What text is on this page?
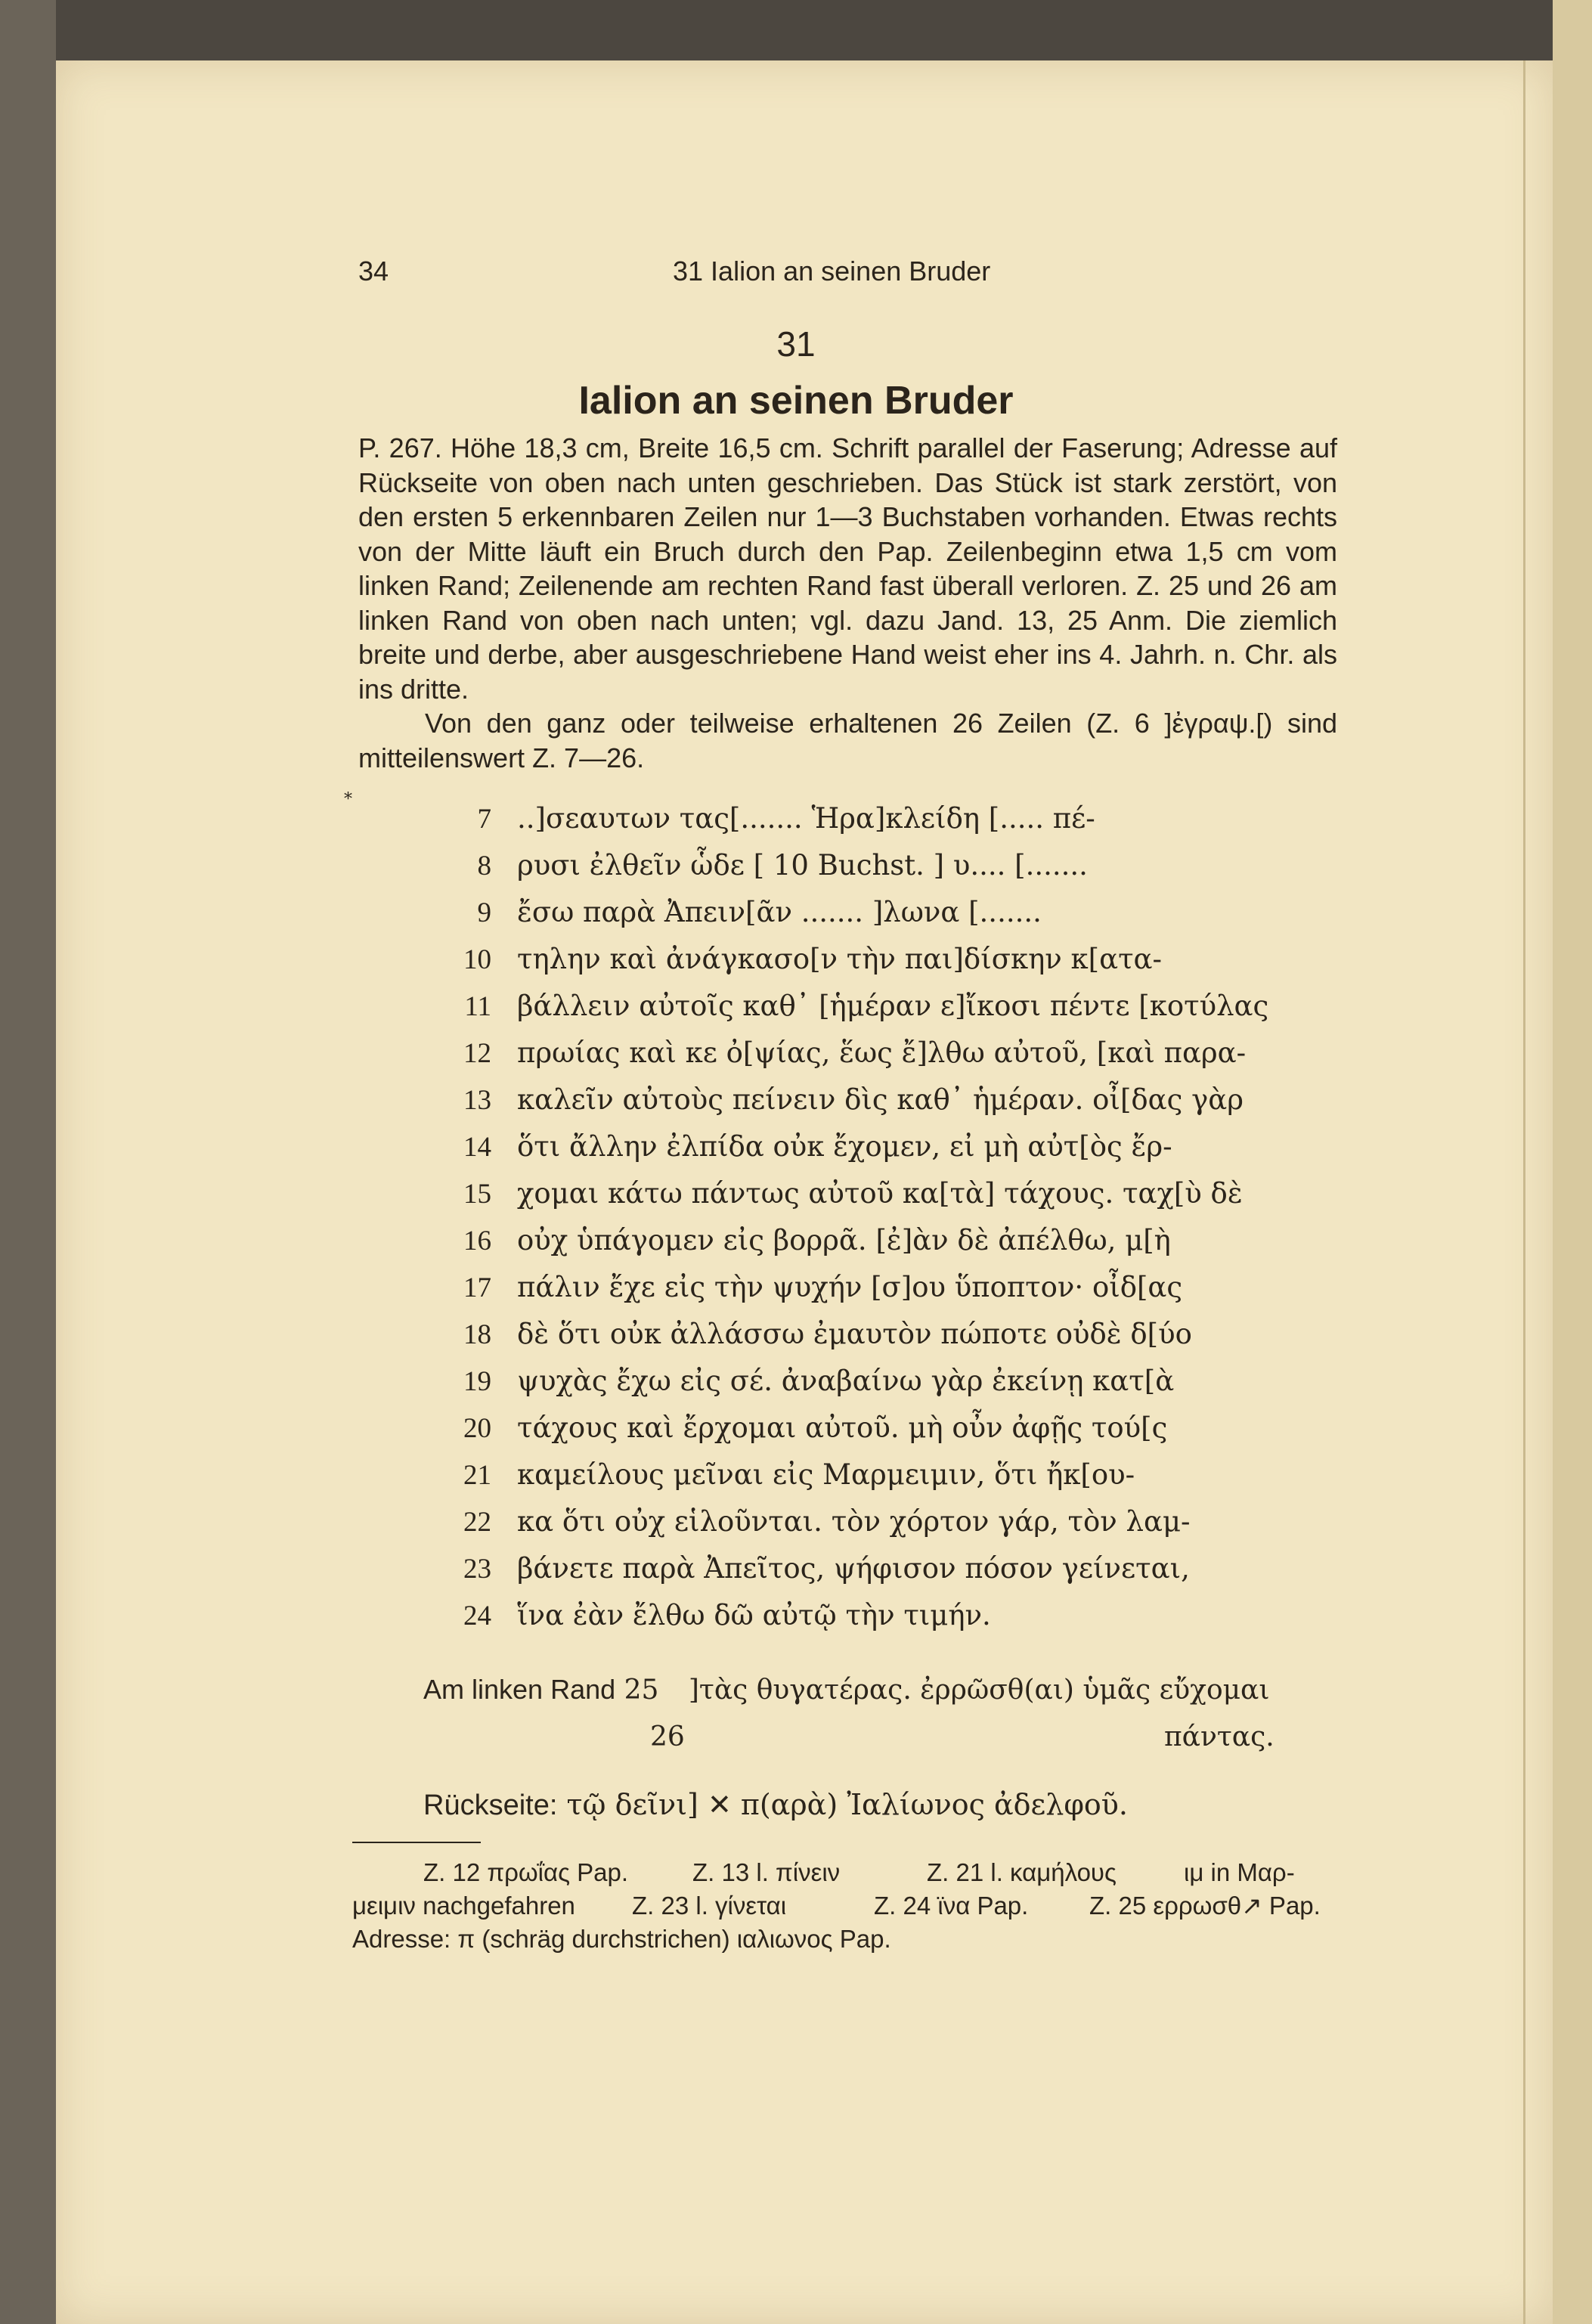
34	31 Ialion an seinen Bruder
31
Ialion an seinen Bruder

P. 267. Höhe 18,3 cm, Breite 16,5 cm. Schrift parallel der Faserung; Adresse auf Rückseite von oben nach unten geschrieben. Das Stück ist stark zerstört, von den ersten 5 erkennbaren Zeilen nur 1—3 Buchstaben vorhanden. Etwas rechts von der Mitte läuft ein Bruch durch den Pap. Zeilenbeginn etwa 1,5 cm vom linken Rand; Zeilenende am rechten Rand fast überall verloren. Z. 25 und 26 am linken Rand von oben nach unten; vgl. dazu Jand. 13, 25 Anm. Die ziemlich breite und derbe, aber ausgeschriebene Hand weist eher ins 4. Jahrh. n. Chr. als ins dritte.

Von den ganz oder teilweise erhaltenen 26 Zeilen (Z. 6 ]ἐγραψ.[) sind mitteilenswert Z. 7—26.

*
7 ..]σεαυτων τας[....... Ἡρα]κλείδη [..... πέ-
8 ρυσι ἐλθεῖν ὧδε [ 10 Buchst. ] υ.... [.......
9 ἔσω παρὰ Ἀπειν[ᾶν ....... ]λωνα [.......
10 τηλην καὶ ἀνάγκασο[ν τὴν παι]δίσκην κ[ατα-
11 βάλλειν αὐτοῖς καθ᾽ [ἡμέραν ε]ἴκοσι πέντε [κοτύλας
12 πρωίας καὶ κε ὀ[ψίας, ἕως ἔ]λθω αὐτοῦ, [καὶ παρα-
13 καλεῖν αὐτοὺς πείνειν δὶς καθ᾽ ἡμέραν. οἶ[δας γὰρ
14 ὅτι ἄλλην ἐλπίδα οὐκ ἔχομεν, εἰ μὴ αὐτ[ὸς ἔρ-
15 χομαι κάτω πάντως αὐτοῦ κα[τὰ] τάχους. ταχ[ὺ δὲ
16 οὐχ ὑπάγομεν εἰς βορρᾶ. [ἐ]ὰν δὲ ἀπέλθω, μ[ὴ
17 πάλιν ἔχε εἰς τὴν ψυχήν [σ]ου ὕποπτον· οἶδ[ας
18 δὲ ὅτι οὐκ ἀλλάσσω ἐμαυτὸν πώποτε οὐδὲ δ[ύο
19 ψυχὰς ἔχω εἰς σέ. ἀναβαίνω γὰρ ἐκείνῃ κατ[ὰ
20 τάχους καὶ ἔρχομαι αὐτοῦ. μὴ οὖν ἀφῇς τού[ς
21 καμείλους μεῖναι εἰς Μαρμειμιν, ὅτι ἤκ[ου-
22 κα ὅτι οὐχ εἱλοῦνται. τὸν χόρτον γάρ, τὸν λαμ-
23 βάνετε παρὰ Ἀπεῖτος, ψήφισον πόσον γείνεται,
24 ἵνα ἐὰν ἔλθω δῶ αὐτῷ τὴν τιμήν.
Am linken Rand 25 ]τὰς θυγατέρας. ἐρρῶσθ(αι) ὑμᾶς εὔχομαι
26	πάντας.
Rückseite: τῷ δεῖνι] ✕ π(αρὰ) Ἰαλίωνος ἀδελφοῦ.
Z. 12 πρωΐας Pap.	Z. 13 l. πίνειν	Z. 21 l. καμήλους	ιμ in Μαρ-
μειμιν nachgefahren Z. 23 l. γίνεται	Z. 24 ϊνα Pap. Z. 25 ερρωσθ↗ Pap.
Adresse: π (schräg durchstrichen) ιαλιωνος Pap.
